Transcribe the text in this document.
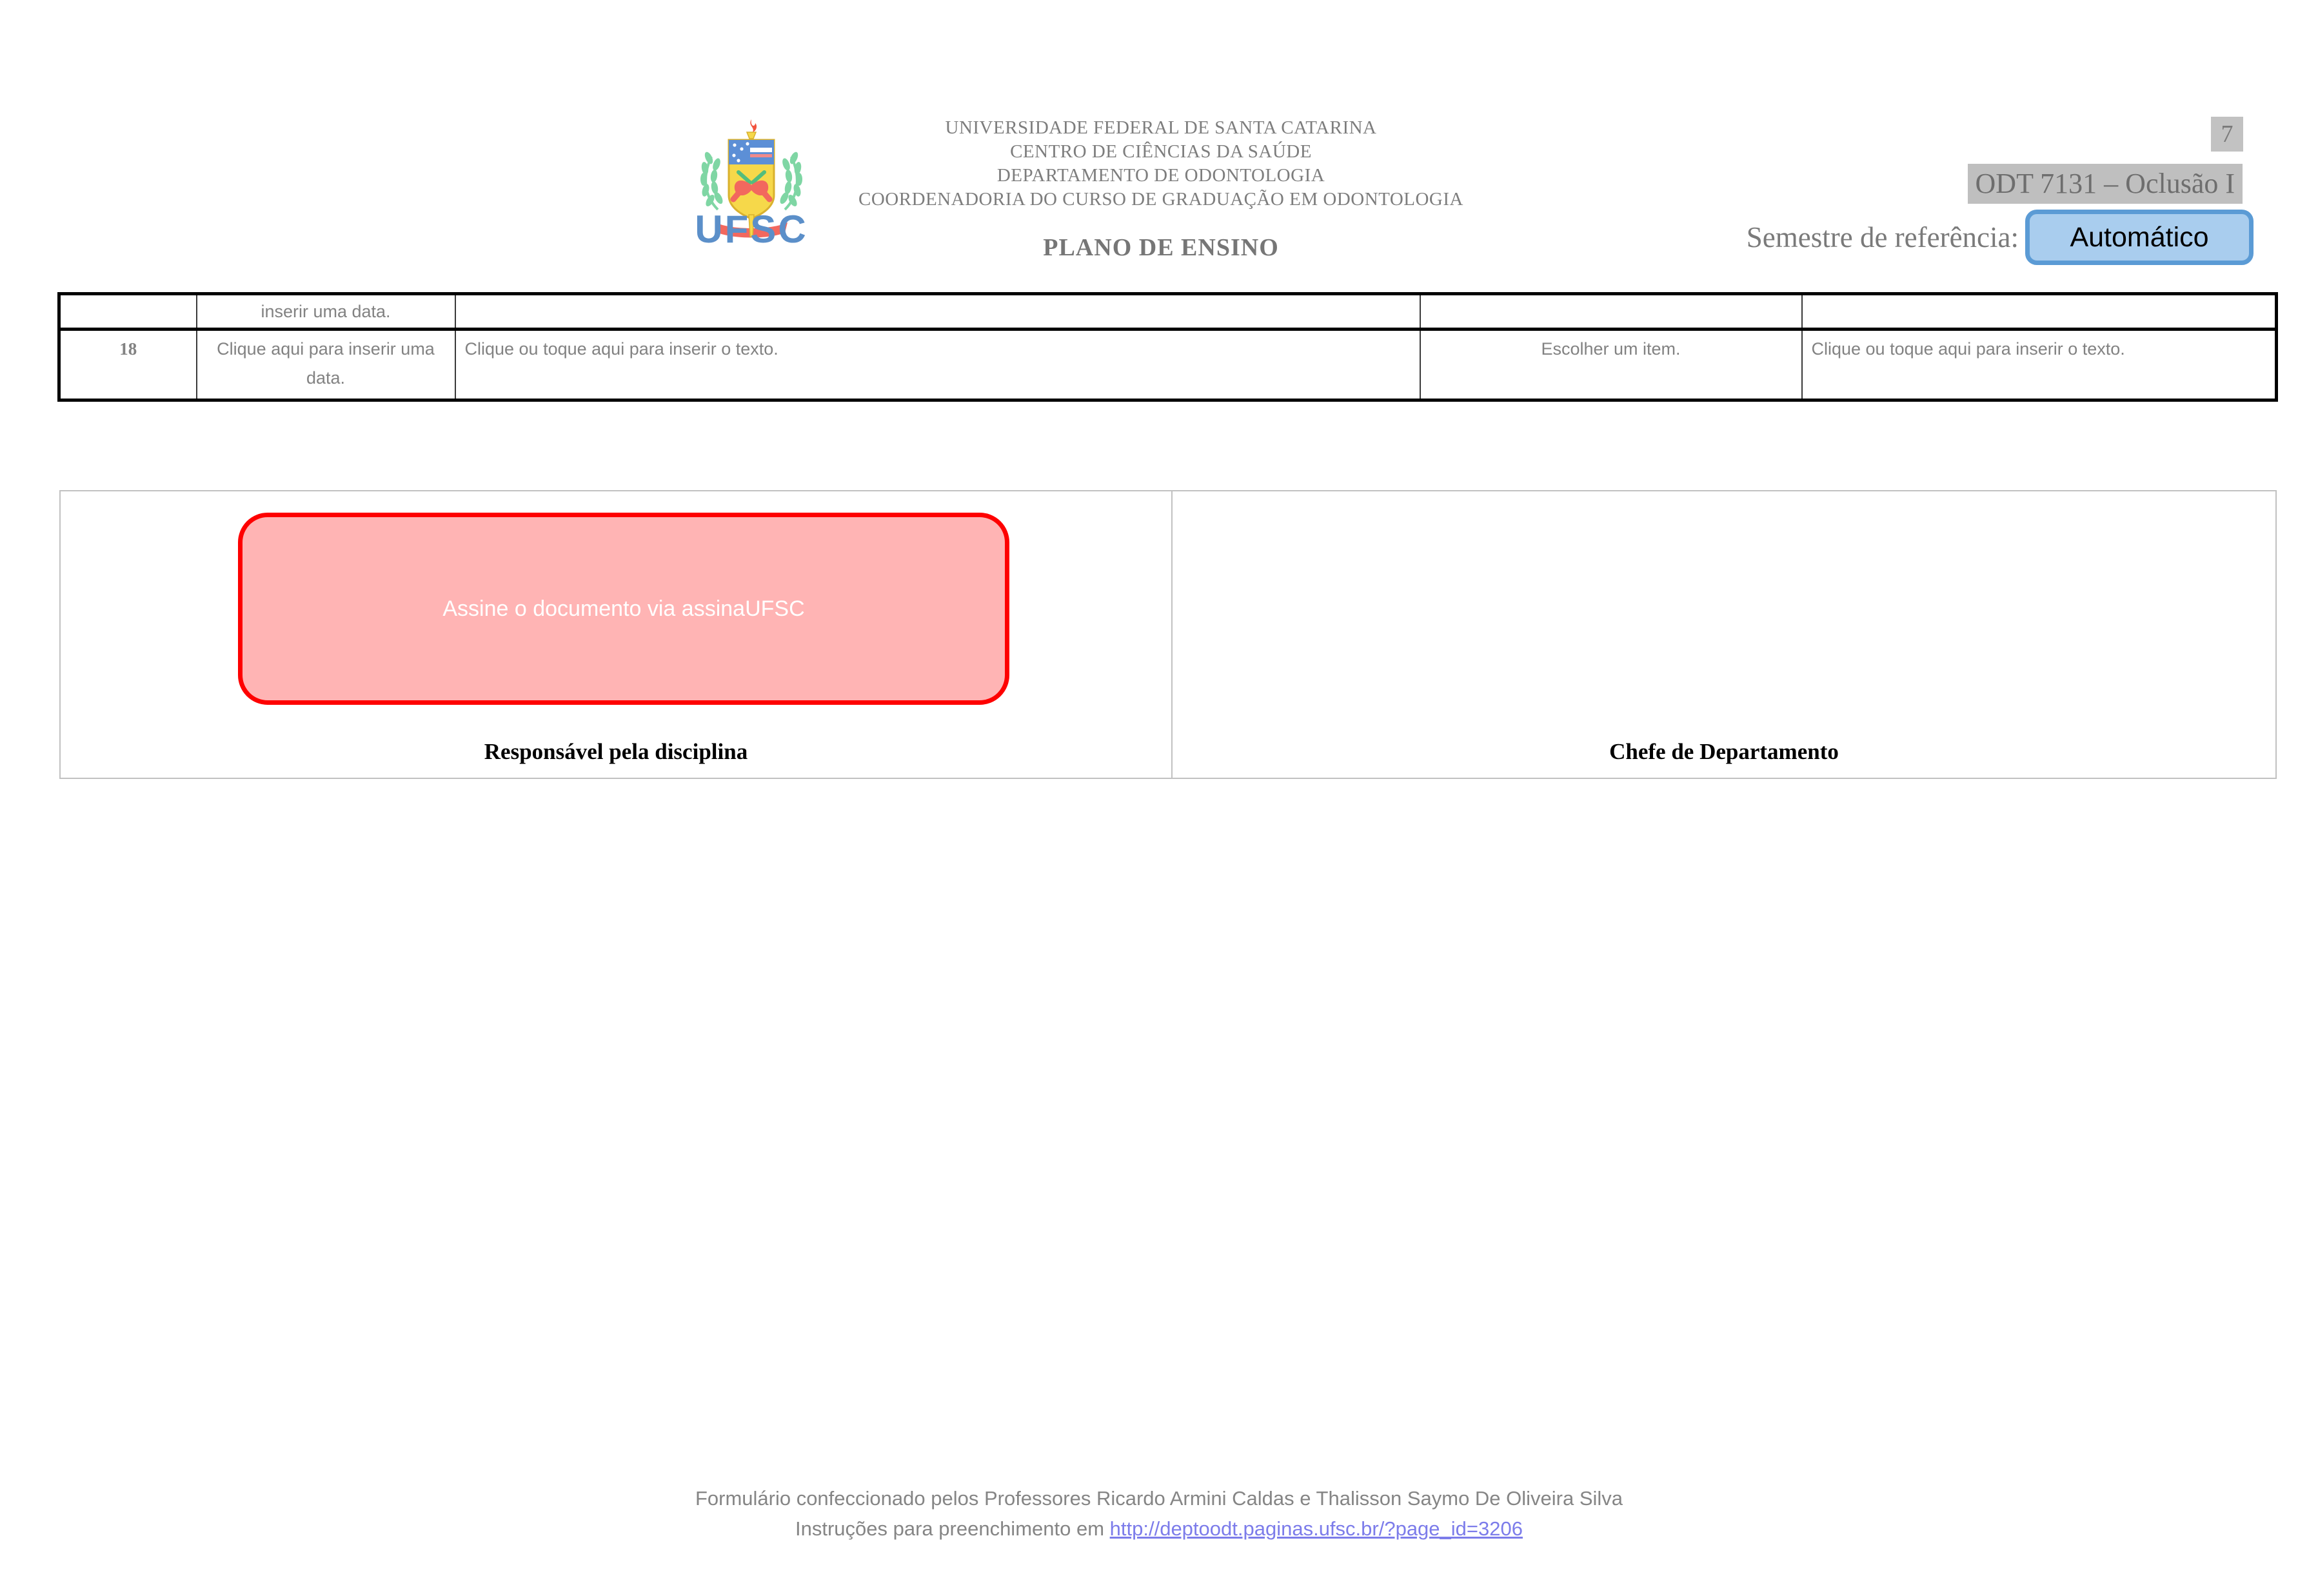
UFSC
UNIVERSIDADE FEDERAL DE SANTA CATARINA
CENTRO DE CIÊNCIAS DA SAÚDE
DEPARTAMENTO DE ODONTOLOGIA
COORDENADORIA DO CURSO DE GRADUAÇÃO EM ODONTOLOGIA
PLANO DE ENSINO
7
ODT 7131 – Oclusão I
Semestre de referência:	Automático
	inserir uma data.			
18	Clique aqui para inserir uma data.	Clique ou toque aqui para inserir o texto.	Escolher um item.	Clique ou toque aqui para inserir o texto.
Assine o documento via assinaUFSC
Responsável pela disciplina	Chefe de Departamento
Formulário confeccionado pelos Professores Ricardo Armini Caldas e Thalisson Saymo De Oliveira Silva
Instruções para preenchimento em http://deptoodt.paginas.ufsc.br/?page_id=3206
